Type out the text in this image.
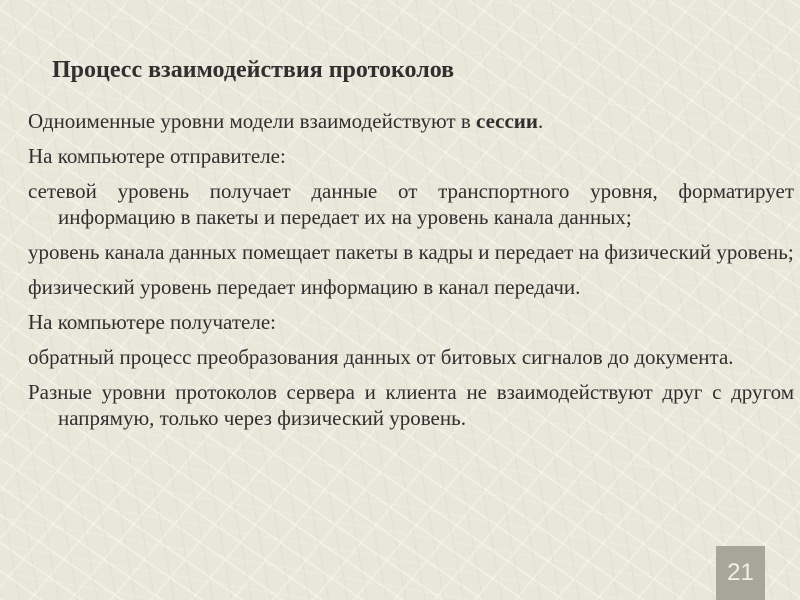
Процесс взаимодействия протоколов

Одноименные уровни модели взаимодействуют в сессии.

На компьютере отправителе:

сетевой уровень получает данные от транспортного уровня, форматирует информацию в пакеты и передает их на уровень канала данных;

уровень канала данных помещает пакеты в кадры и передает на физический уровень;

физический уровень передает информацию в канал передачи.

На компьютере получателе:

обратный процесс преобразования данных от битовых сигналов до документа.

Разные уровни протоколов сервера и клиента не взаимодействуют друг с другом напрямую, только через физический уровень.

21
